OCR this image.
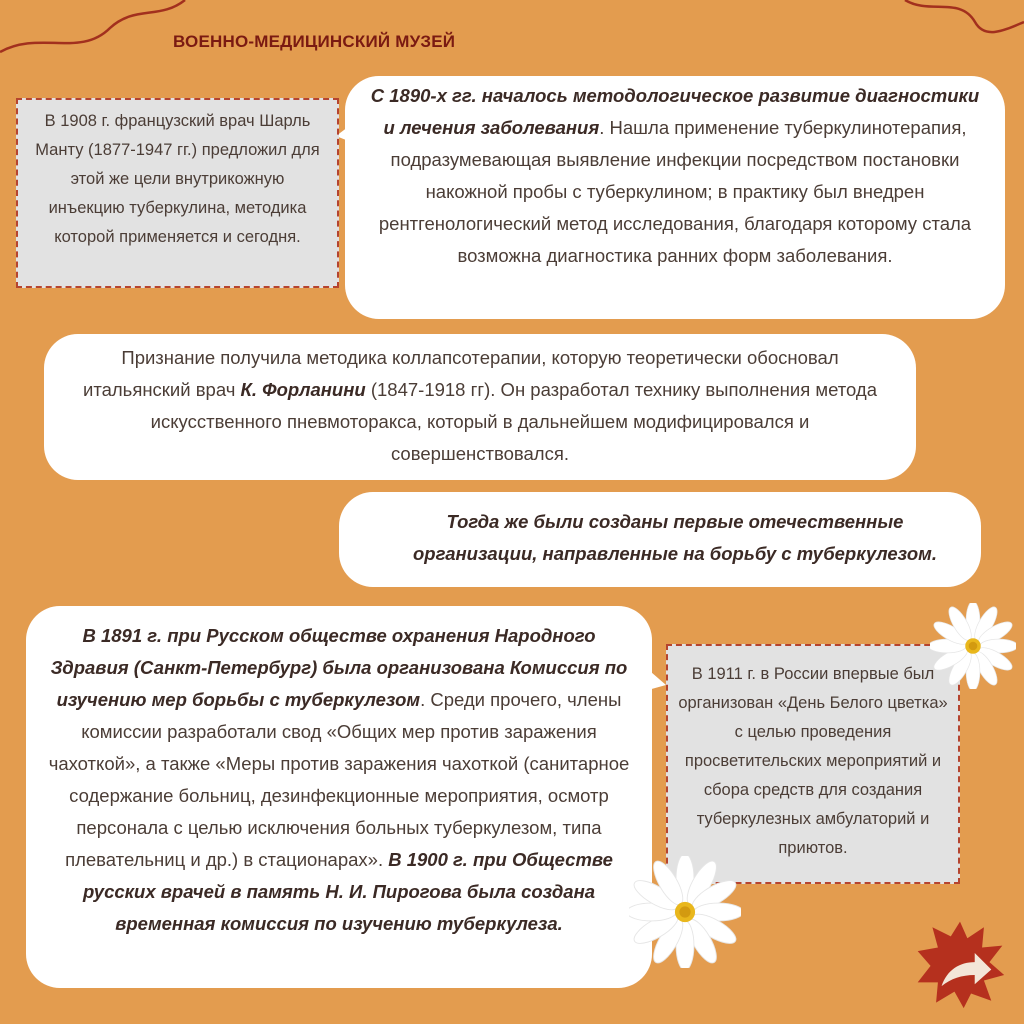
ВОЕННО-МЕДИЦИНСКИЙ МУЗЕЙ
В 1908 г. французский врач Шарль Манту (1877-1947 гг.) предложил для этой же цели внутрикожную инъекцию туберкулина, методика которой применяется и сегодня.
С 1890-х гг. началось методологическое развитие диагностики и лечения заболевания. Нашла применение туберкулинотерапия, подразумевающая выявление инфекции посредством постановки накожной пробы с туберкулином; в практику был внедрен рентгенологический метод исследования, благодаря которому стала возможна диагностика ранних форм заболевания.
Признание получила методика коллапсотерапии, которую теоретически обосновал итальянский врач К. Форланини (1847-1918 гг). Он разработал технику выполнения метода искусственного пневмоторакса, который в дальнейшем модифицировался и совершенствовался.
Тогда же были созданы первые отечественные организации, направленные на борьбу с туберкулезом.
В 1891 г. при Русском обществе охранения Народного Здравия (Санкт-Петербург) была организована Комиссия по изучению мер борьбы с туберкулезом. Среди прочего, члены комиссии разработали свод «Общих мер против заражения чахоткой», а также «Меры против заражения чахоткой (санитарное содержание больниц, дезинфекционные мероприятия, осмотр персонала с целью исключения больных туберкулезом, типа плевательниц и др.) в стационарах». В 1900 г. при Обществе русских врачей в память Н. И. Пирогова была создана временная комиссия по изучению туберкулеза.
В 1911 г. в России впервые был организован «День Белого цветка» с целью проведения просветительских мероприятий и сбора средств для создания туберкулезных амбулаторий и приютов.
